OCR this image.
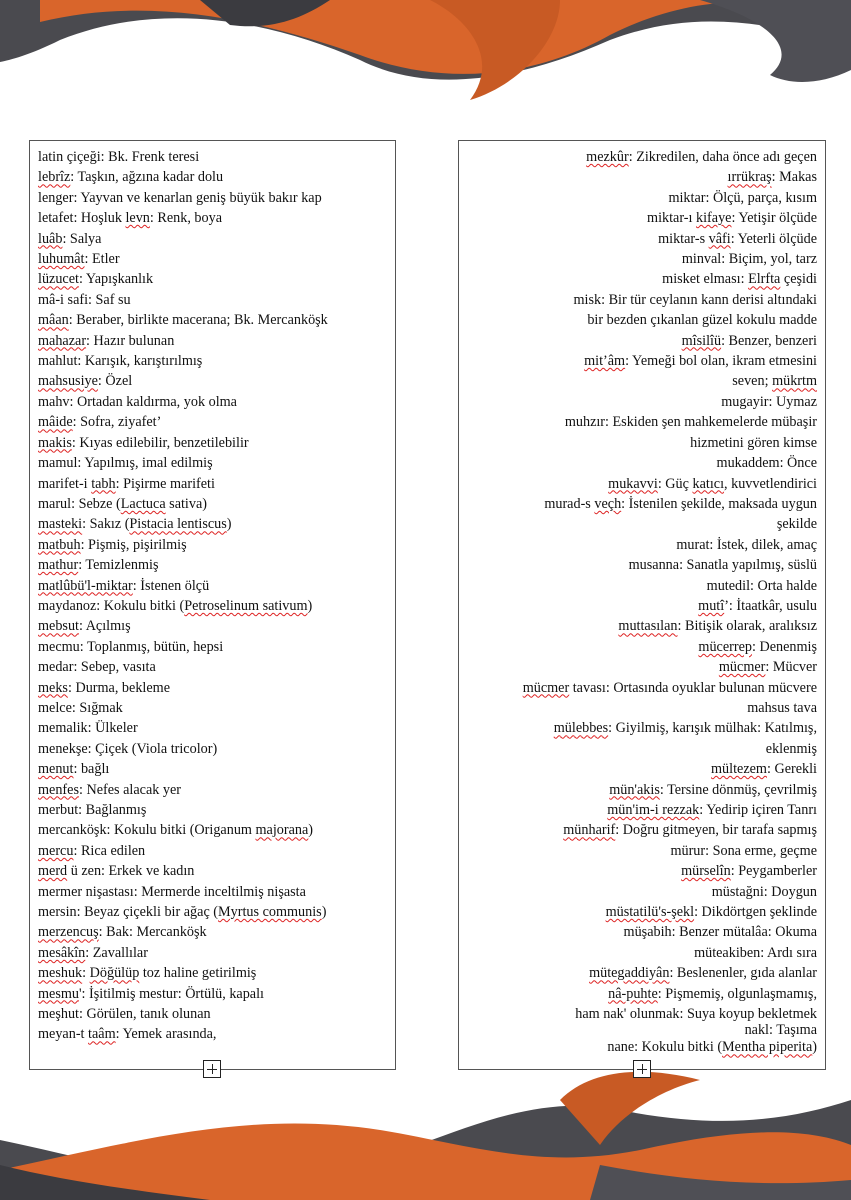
latin çiçeği: Bk. Frenk teresi
lebrîz: Taşkın, ağzına kadar dolu
lenger: Yayvan ve kenarlan geniş büyük bakır kap
letafet: Hoşluk levn: Renk, boya
luâb: Salya
luhumât: Etler
lüzucet: Yapışkanlık
mâ-i safi: Saf su
mâan: Beraber, birlikte macerana; Bk. Mercanköşk
mahazar: Hazır bulunan
mahlut: Karışık, karıştırılmış
mahsusiye: Özel
mahv: Ortadan kaldırma, yok olma
mâide: Sofra, ziyafet’
makis: Kıyas edilebilir, benzetilebilir
mamul: Yapılmış, imal edilmiş
marifet-i tabh: Pişirme marifeti
marul: Sebze (Lactuca sativa)
masteki: Sakız (Pistacia lentiscus)
matbuh: Pişmiş, pişirilmiş
mathur: Temizlenmiş
matlûbü'l-miktar: İstenen ölçü
maydanoz: Kokulu bitki (Petroselinum sativum)
mebsut: Açılmış
mecmu: Toplanmış, bütün, hepsi
medar: Sebep, vasıta
meks: Durma, bekleme
melce: Sığmak
memalik: Ülkeler
menekşe: Çiçek (Viola tricolor)
menut: bağlı
menfes: Nefes alacak yer
merbut: Bağlanmış
mercanköşk: Kokulu bitki (Origanum majorana)
mercu: Rica edilen
merd ü zen: Erkek ve kadın
mermer nişastası: Mermerde inceltilmiş nişasta
mersin: Beyaz çiçekli bir ağaç (Myrtus communis)
merzencuş: Bak: Mercanköşk
mesâkîn: Zavallılar
meshuk: Döğülüp toz haline getirilmiş
mesmu': İşitilmiş mestur: Örtülü, kapalı
meşhut: Görülen, tanık olunan
meyan-t taâm: Yemek arasında,
mezkûr: Zikredilen, daha önce adı geçen
ırrükraş: Makas
miktar: Ölçü, parça, kısım
miktar-ı kifaye: Yetişir ölçüde
miktar-s vâfi: Yeterli ölçüde
minval: Biçim, yol, tarz
misket elması: Elrfta çeşidi
misk: Bir tür ceylanın kann derisi altındaki
bir bezden çıkanlan güzel kokulu madde
mîsilîü: Benzer, benzeri
mit’âm: Yemeği bol olan, ikram etmesini
seven; mükrtm
mugayir: Uymaz
muhzır: Eskiden şen mahkemelerde mübaşir
hizmetini gören kimse
mukaddem: Önce
mukavvi: Güç katıcı, kuvvetlendirici
murad-s veçh: İstenilen şekilde, maksada uygun
şekilde
murat: İstek, dilek, amaç
musanna: Sanatla yapılmış, süslü
mutedil: Orta halde
mutî’: İtaatkâr, usulu
muttasılan: Bitişik olarak, aralıksız
mücerrep: Denenmiş
mücmer: Mücver
mücmer tavası: Ortasında oyuklar bulunan mücvere
mahsus tava
mülebbes: Giyilmiş, karışık mülhak: Katılmış,
eklenmiş
mültezem: Gerekli
mün'akis: Tersine dönmüş, çevrilmiş
mün'im-i rezzak: Yedirip içiren Tanrı
münharif: Doğru gitmeyen, bir tarafa sapmış
mürur: Sona erme, geçme
mürselîn: Peygamberler
müstağni: Doygun
müstatilü's-şekl: Dikdörtgen şeklinde
müşabih: Benzer mütalâa: Okuma
müteakiben: Ardı sıra
mütegaddiyân: Beslenenler, gıda alanlar
nâ-puhte: Pişmemiş, olgunlaşmamış,
ham nak' olunmak: Suya koyup bekletmek
nakl: Taşıma
nane: Kokulu bitki (Mentha piperita)
